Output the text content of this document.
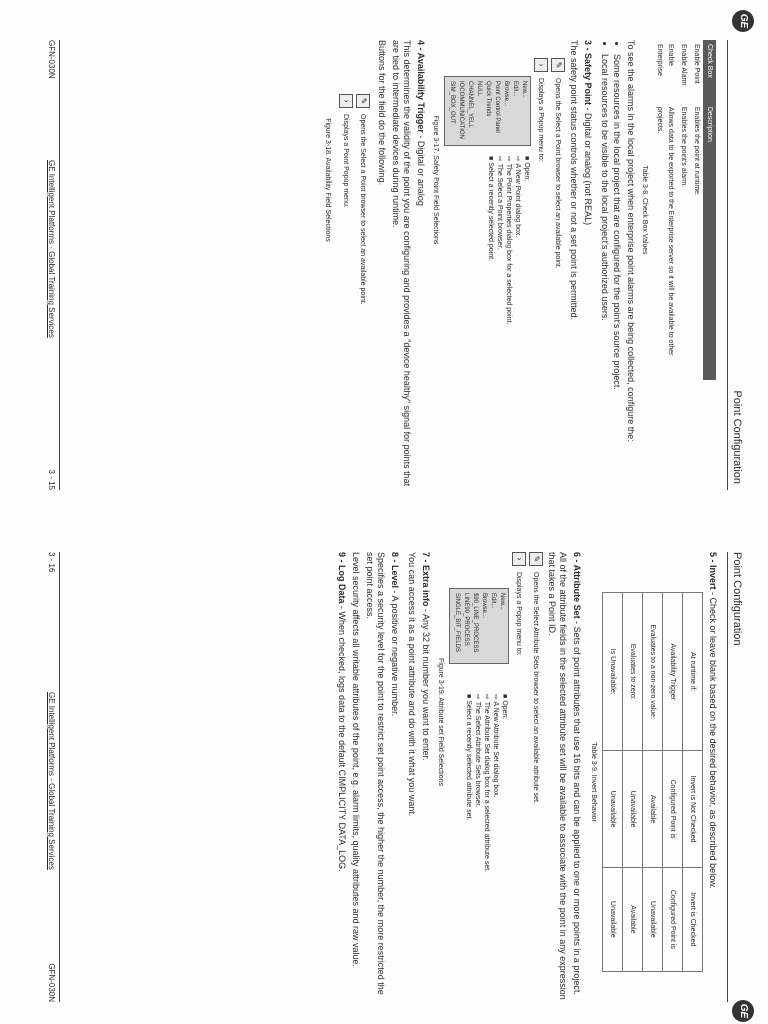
GE
Point Configuration
Check Box	Description
Enable Point	Enables the point at runtime.
Enable Alarm	Enables the point's alarm.
Enable Enterprise	Allows data to be exported to the Enterprise server so it will be available to other projects.
Table 3-8. Check Box Values

To see the alarms in the local project when enterprise point alarms are being collected, configure the:

• Some resources in the local project that are configured for the point's source project.
• Local resources to be visible to the local project's authorized users.

3 - Safety Point - Digital or analog (not REAL)

The safety point status controls whether or not a set point is permitted.

✎
Opens the Select a Point browser to select an available point.
›
Displays a Popup menu to:
New...
Edit...
Browse...
Point Control Panel
Quick Trends
NULL
CHANNEL_YELL
IOCOMMUNICATION
SIM_BOX_OUT
■ Open:
⇨ A New Point dialog box.
⇨ The Point Properties dialog box for a selected point.
⇨ The Select a Point browser.
■ Select a recently selected point.
Figure 3-17. Safety Point Field Selections

4 - Availability Trigger - Digital or analog

This determines the validity of the point you are configuring and provides a "device healthy" signal for points that are tied to intermediate devices during runtime.

Buttons for the field do the following.

✎
Opens the Select a Point browser to select an available point.
›
Displays a Point Popup menu.
Figure 3-18. Availability Field Selections
GFN-030N
GE Intelligent Platforms - Global Training Services
3 - 15
Point Configuration
GE

5 - Invert - Check or leave blank based on the desired behavior, as described below.

At runtime if:	Invert is Not Checked	Invert is Checked
Availability Trigger	Configured Point is	Configured Point is
Evaluates to a non-zero value:	Available	Unavailable
Evaluates to zero:	Unavailable	Available
Is Unavailable:	Unavailable	Unavailable
Table 3-9. Invert Behavior

6 - Attribute Set - Sets of point attributes that use 16 bits and can be applied to one or more points in a project.

All of the attribute fields in the selected attribute set will be available to associate with the point in any expression that takes a Point ID.

✎
Opens the Select Attribute Sets browser to select an available attribute set.
›
Displays a Popup menu to:
New...
Edit...
Browse...
$90_LINE_PROCESS
LINE90_PROCESS
SINGLE_BIT_FIELDS
■ Open:
⇨ A New Attribute Set dialog box.
⇨ The Attribute Set dialog box for a selected attribute set.
⇨ The Select Attribute Sets browser.
■ Select a recently selected attribute set.
Figure 3-19. Attribute set Field Selections

7 - Extra info - Any 32 bit number you want to enter.

You can access it as a point attribute and do with it what you want.

8 - Level - A positive or negative number.

Specifies a security level for the point to restrict set point access, the higher the number, the more restricted the set point access.

Level security affects all writable attributes of the point, e.g. alarm limits, quality attributes and raw value.

9 - Log Data - When checked, logs data to the default CIMPLICITY DATA_LOG.

3 - 16
GE Intelligent Platforms - Global Training Services
GFN-030N
